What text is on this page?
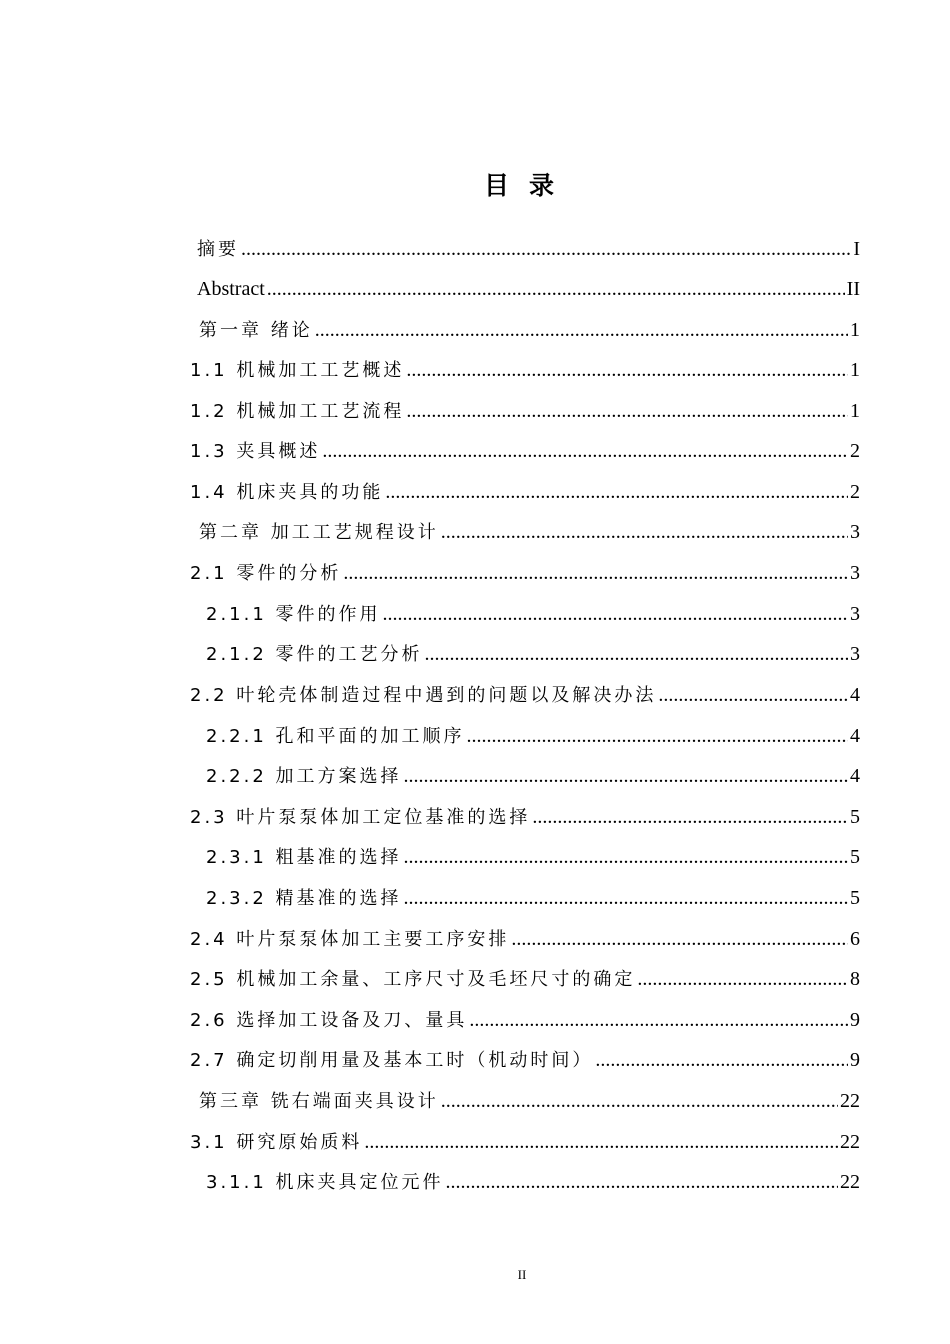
目录
摘要 .....	I
Abstract .....	II
第一章 绪论 .....	1
1.1 机械加工工艺概述 .....	1
1.2 机械加工工艺流程 .....	1
1.3 夹具概述 .....	2
1.4 机床夹具的功能 .....	2
第二章 加工工艺规程设计 .....	3
2.1 零件的分析 .....	3
2.1.1 零件的作用 .....	3
2.1.2 零件的工艺分析 .....	3
2.2 叶轮壳体制造过程中遇到的问题以及解决办法 .....	4
2.2.1 孔和平面的加工顺序 .....	4
2.2.2 加工方案选择 .....	4
2.3 叶片泵泵体加工定位基准的选择 .....	5
2.3.1 粗基准的选择 .....	5
2.3.2 精基准的选择 .....	5
2.4 叶片泵泵体加工主要工序安排 .....	6
2.5 机械加工余量、工序尺寸及毛坯尺寸的确定 .....	8
2.6 选择加工设备及刀、量具 .....	9
2.7 确定切削用量及基本工时（机动时间） .....	9
第三章 铣右端面夹具设计 .....	22
3.1 研究原始质料 .....	22
3.1.1 机床夹具定位元件 .....	22
II
